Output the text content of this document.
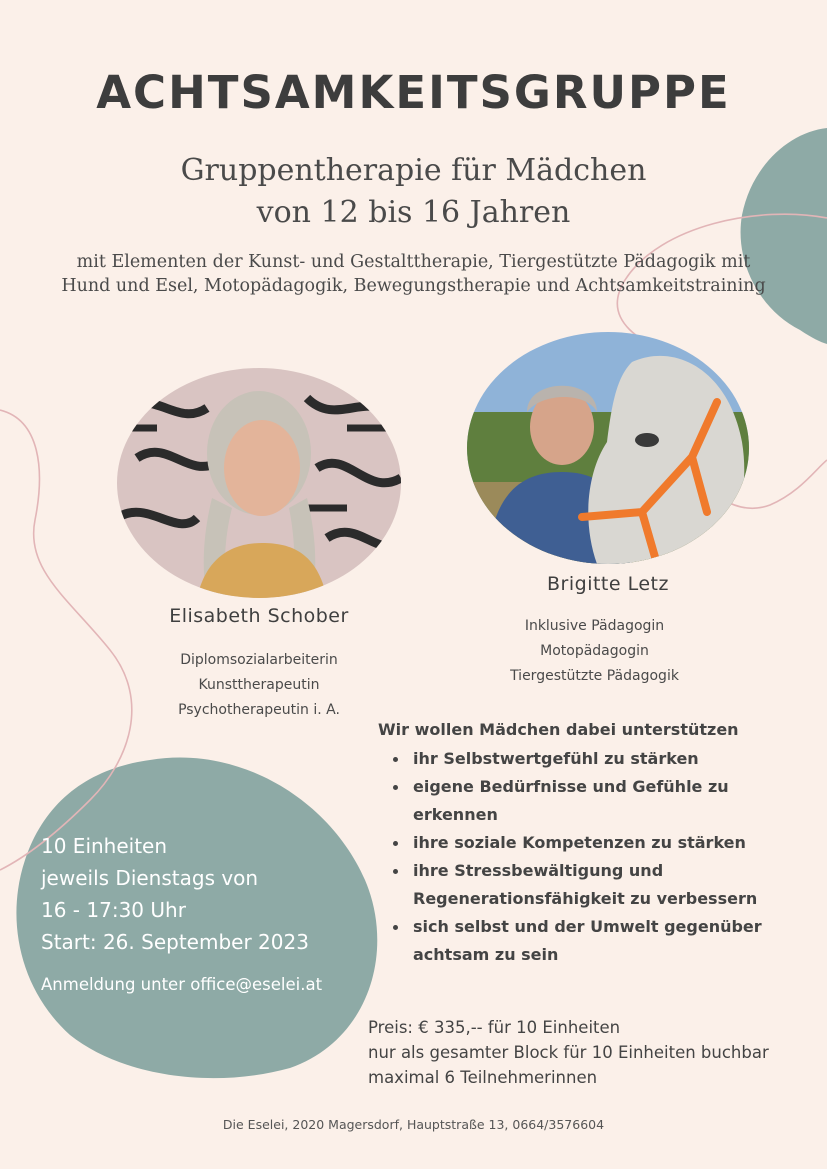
ACHTSAMKEITSGRUPPE
Gruppentherapie für Mädchen
von 12 bis 16 Jahren
mit Elementen der Kunst- und Gestalttherapie, Tiergestützte Pädagogik mit
Hund und Esel, Motopädagogik, Bewegungstherapie und Achtsamkeitstraining
Elisabeth Schober
Diplomsozialarbeiterin
Kunsttherapeutin
Psychotherapeutin i. A.
Brigitte Letz
Inklusive Pädagogin
Motopädagogin
Tiergestützte Pädagogik
Wir wollen Mädchen dabei unterstützen
ihr Selbstwertgefühl zu stärken
eigene Bedürfnisse und Gefühle zu erkennen
ihre soziale Kompetenzen zu stärken
ihre Stressbewältigung und Regenerationsfähigkeit zu verbessern
sich selbst und der Umwelt gegenüber achtsam zu sein
10 Einheiten
jeweils Dienstags von
16 - 17:30 Uhr
Start: 26. September 2023
Anmeldung unter office@eselei.at
Preis: € 335,-- für 10 Einheiten
nur als gesamter Block für 10 Einheiten buchbar
maximal 6 Teilnehmerinnen
Die Eselei, 2020 Magersdorf, Hauptstraße 13, 0664/3576604
